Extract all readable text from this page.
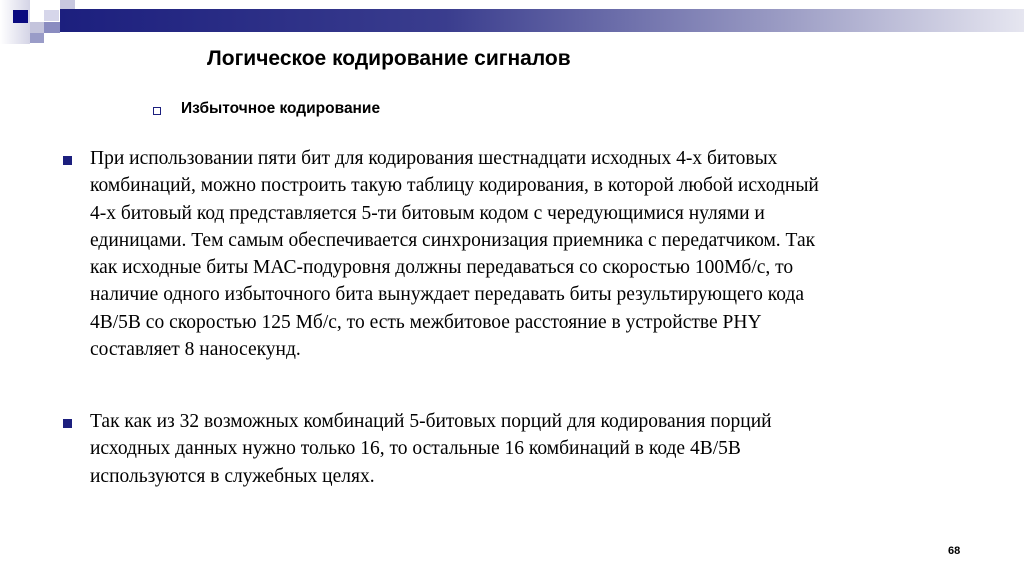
Логическое кодирование сигналов
Избыточное кодирование
При использовании пяти бит для кодирования шестнадцати исходных 4-х битовых
комбинаций, можно построить такую таблицу кодирования, в которой любой исходный
4-х битовый код представляется 5-ти битовым кодом с чередующимися нулями и
единицами. Тем самым обеспечивается синхронизация приемника с передатчиком. Так
как исходные биты МАС-подуровня должны передаваться со скоростью 100Мб/с, то
наличие одного избыточного бита вынуждает передавать биты результирующего кода
4В/5В со скоростью 125 Мб/с, то есть межбитовое расстояние в устройстве PHY
составляет 8 наносекунд.
Так как из 32 возможных комбинаций 5-битовых порций для кодирования порций
исходных данных нужно только 16, то остальные 16 комбинаций в коде 4В/5В
используются в служебных целях.
68
